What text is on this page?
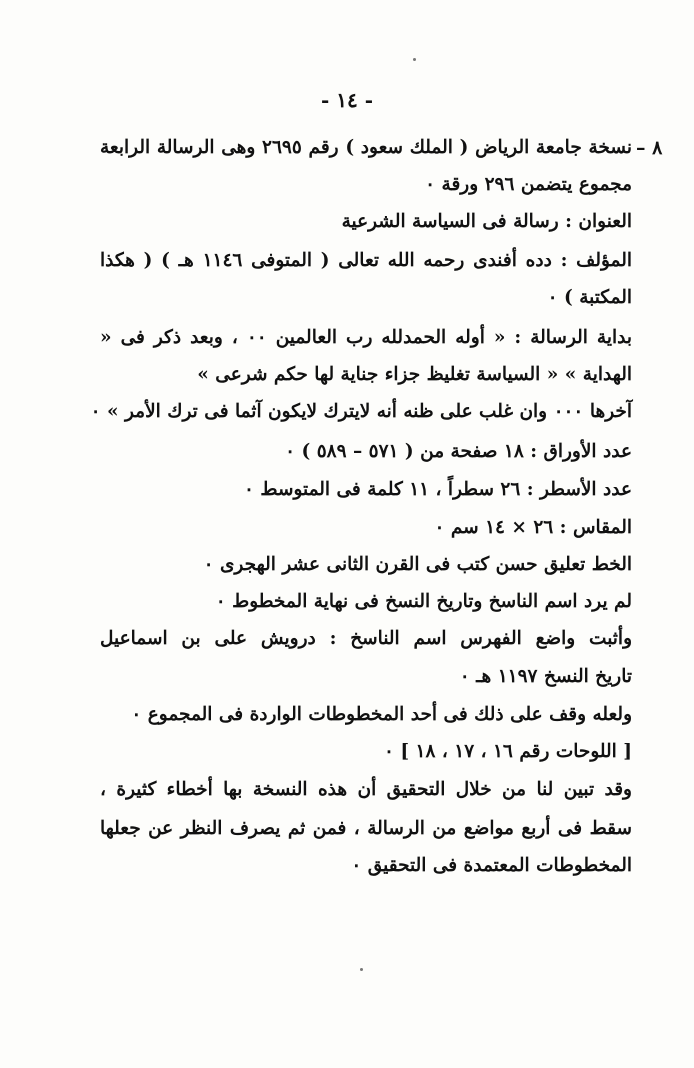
- ١٤ -
٨ –
نسخة جامعة الرياض ( الملك سعود ) رقم ٢٦٩٥ وهى الرسالة الرابعة
مجموع يتضمن ٢٩٦ ورقة ٠
العنوان : رسالة فى السياسة الشرعية
المؤلف : دده أفندى رحمه الله تعالى ( المتوفى ١١٤٦ هـ ) ( هكذا
المكتبة ) ٠
بداية الرسالة : « أوله الحمدلله رب العالمين ٠٠ ، وبعد ذكر فى «
الهداية » « السياسة تغليظ جزاء جناية لها حكم شرعى »
آخرها ٠٠٠ وان غلب على ظنه أنه لايترك لايكون آثما فى ترك الأمر » ٠
عدد الأوراق : ١٨ صفحة من ( ٥٧١ – ٥٨٩ ) ٠
عدد الأسطر : ٢٦ سطراً ، ١١ كلمة فى المتوسط ٠
المقاس : ٢٦ × ١٤ سم ٠
الخط تعليق حسن كتب فى القرن الثانى عشر الهجرى ٠
لم يرد اسم الناسخ وتاريخ النسخ فى نهاية المخطوط ٠
وأثبت واضع الفهرس اسم الناسخ : درويش على بن اسماعيل
تاريخ النسخ ١١٩٧ هـ ٠
ولعله وقف على ذلك فى أحد المخطوطات الواردة فى المجموع ٠
[ اللوحات رقم ١٦ ، ١٧ ، ١٨ ] ٠
وقد تبين لنا من خلال التحقيق أن هذه النسخة بها أخطاء كثيرة ،
سقط فى أربع مواضع من الرسالة ، فمن ثم يصرف النظر عن جعلها
المخطوطات المعتمدة فى التحقيق ٠
